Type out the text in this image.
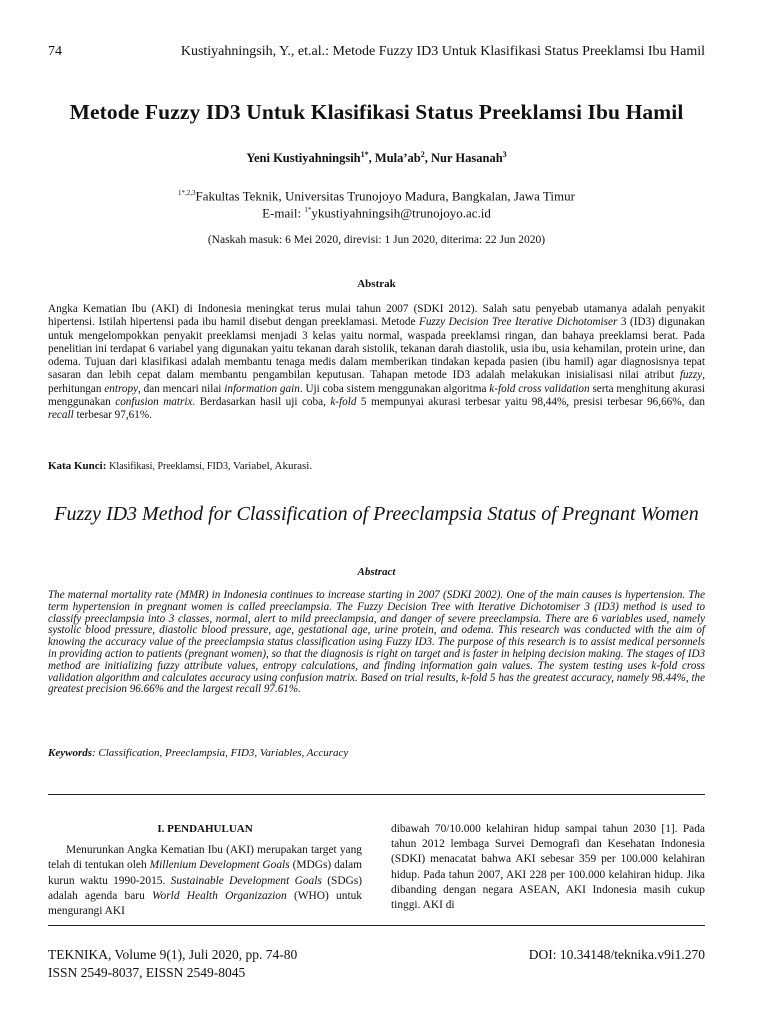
74	Kustiyahningsih, Y., et.al.: Metode Fuzzy ID3 Untuk Klasifikasi Status Preeklamsi Ibu Hamil
Metode Fuzzy ID3 Untuk Klasifikasi Status Preeklamsi Ibu Hamil
Yeni Kustiyahningsih$^{1*}$, $Mula’ab^2$, Nur Hasanah$^3$
$^{1*,2,3}$Fakultas Teknik, Universitas Trunojoyo Madura, Bangkalan, Jawa Timur
E-mail: $^{1*}$ykustiyahningsih@trunojoyo.ac.id
(Naskah masuk: 6 Mei 2020, direvisi: 1 Jun 2020, diterima: 22 Jun 2020)
Abstrak
Angka Kematian Ibu (AKI) di Indonesia meningkat terus mulai tahun 2007 (SDKI 2012). Salah satu penyebab utamanya adalah penyakit hipertensi. Istilah hipertensi pada ibu hamil disebut dengan preeklamasi. Metode Fuzzy Decision Tree Iterative Dichotomiser 3 (ID3) digunakan untuk mengelompokkan penyakit preeklamsi menjadi 3 kelas yaitu normal, waspada preeklamsi ringan, dan bahaya preeklamsi berat. Pada penelitian ini terdapat 6 variabel yang digunakan yaitu tekanan darah sistolik, tekanan darah diastolik, usia ibu, usia kehamilan, protein urine, dan odema. Tujuan dari klasifikasi adalah membantu tenaga medis dalam memberikan tindakan kepada pasien (ibu hamil) agar diagnosisnya tepat sasaran dan lebih cepat dalam membantu pengambilan keputusan. Tahapan metode ID3 adalah melakukan inisialisasi nilai atribut fuzzy, perhitungan entropy, dan mencari nilai information gain. Uji coba sistem menggunakan algoritma k-fold cross validation serta menghitung akurasi menggunakan confusion matrix. Berdasarkan hasil uji coba, k-fold 5 mempunyai akurasi terbesar yaitu 98,44%, presisi terbesar 96,66%, dan recall terbesar 97,61%.
Kata Kunci: Klasifikasi, Preeklamsi, FID3, Variabel, Akurasi.
Fuzzy ID3 Method for Classification of Preeclampsia Status of Pregnant Women
Abstract
The maternal mortality rate (MMR) in Indonesia continues to increase starting in 2007 (SDKI 2002). One of the main causes is hypertension. The term hypertension in pregnant women is called preeclampsia. The Fuzzy Decision Tree with Iterative Dichotomiser 3 (ID3) method is used to classify preeclampsia into 3 classes, normal, alert to mild preeclampsia, and danger of severe preeclampsia. There are 6 variables used, namely systolic blood pressure, diastolic blood pressure, age, gestational age, urine protein, and odema. This research was conducted with the aim of knowing the accuracy value of the preeclampsia status classification using Fuzzy ID3. The purpose of this research is to assist medical personnels in providing action to patients (pregnant women), so that the diagnosis is right on target and is faster in helping decision making. The stages of ID3 method are initializing fuzzy attribute values, entropy calculations, and finding information gain values. The system testing uses k-fold cross validation algorithm and calculates accuracy using confusion matrix. Based on trial results, k-fold 5 has the greatest accuracy, namely 98.44%, the greatest precision 96.66% and the largest recall 97.61%.
Keywords: Classification, Preeclampsia, FID3, Variables, Accuracy
I. PENDAHULUAN

Menurunkan Angka Kematian Ibu (AKI) merupakan target yang telah di tentukan oleh Millenium Development Goals (MDGs) dalam kurun waktu 1990-2015. Sustainable Development Goals (SDGs) adalah agenda baru World Health Organizazion (WHO) untuk mengurangi AKI

dibawah 70/10.000 kelahiran hidup sampai tahun 2030 [1]. Pada tahun 2012 lembaga Survei Demografi dan Kesehatan Indonesia (SDKI) menacatat bahwa AKI sebesar 359 per 100.000 kelahiran hidup. Pada tahun 2007, AKI 228 per 100.000 kelahiran hidup. Jika dibanding dengan negara ASEAN, AKI Indonesia masih cukup tinggi. AKI di

TEKNIKA, Volume 9(1), Juli 2020, pp. 74-80
ISSN 2549-8037, EISSN 2549-8045
DOI: 10.34148/teknika.v9i1.270
